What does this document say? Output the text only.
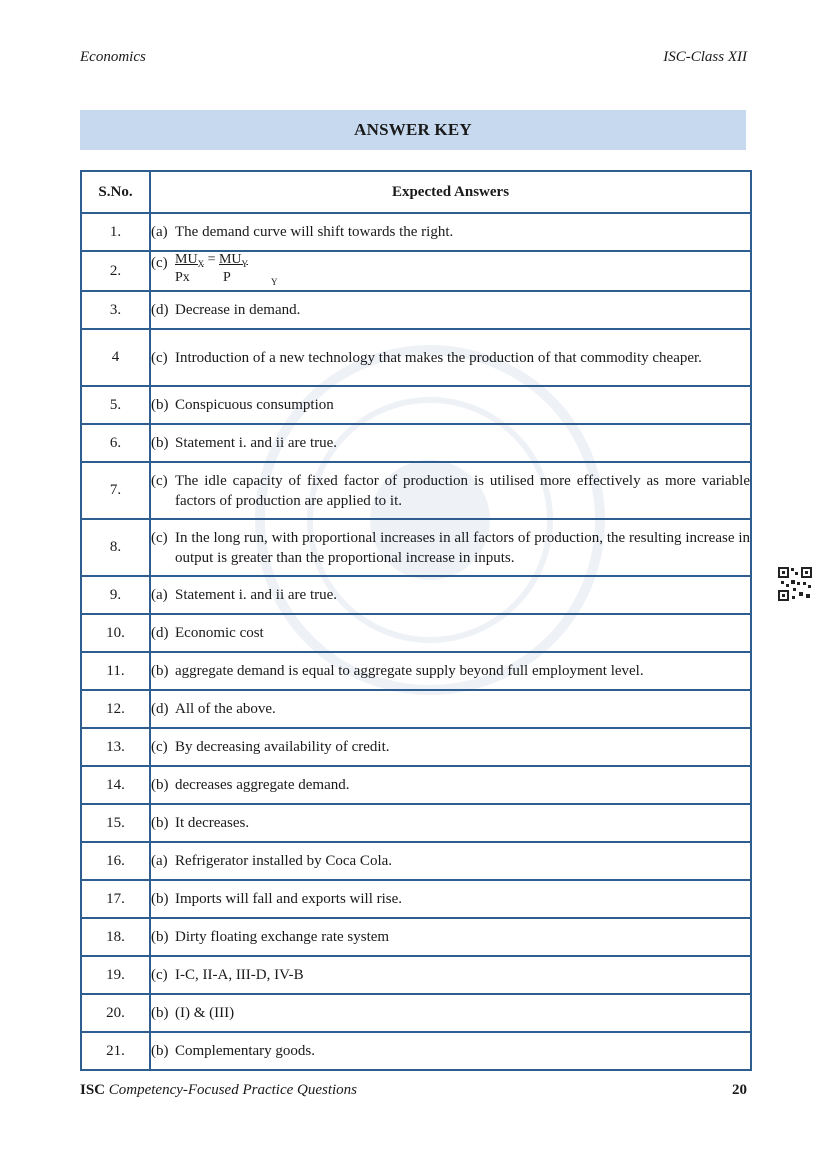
Economics	ISC-Class XII
ANSWER KEY
S.No.	Expected Answers
1.	(a) The demand curve will shift towards the right.

2.	(c) $MU_X = MU_Y$
Px P $_Y$

3.	(d) Decrease in demand.

4	(c) Introduction of a new technology that makes the production of that commodity cheaper.

5.	(b) Conspicuous consumption

6.	(b) Statement i. and ii are true.

7.	(c) The idle capacity of fixed factor of production is utilised more effectively as more variable factors of production are applied to it.

8.	(c) In the long run, with proportional increases in all factors of production, the resulting increase in output is greater than the proportional increase in inputs.

9.	(a) Statement i. and ii are true.

10.	(d) Economic cost

11.	(b) aggregate demand is equal to aggregate supply beyond full employment level.

12.	(d) All of the above.

13.	(c) By decreasing availability of credit.

14.	(b) decreases aggregate demand.

15.	(b) It decreases.

16.	(a) Refrigerator installed by Coca Cola.

17.	(b) Imports will fall and exports will rise.

18.	(b) Dirty floating exchange rate system

19.	(c) I-C, II-A, III-D, IV-B

20.	(b) (I) & (III)

21.	(b) Complementary goods.
ISC Competency-Focused Practice Questions	20
